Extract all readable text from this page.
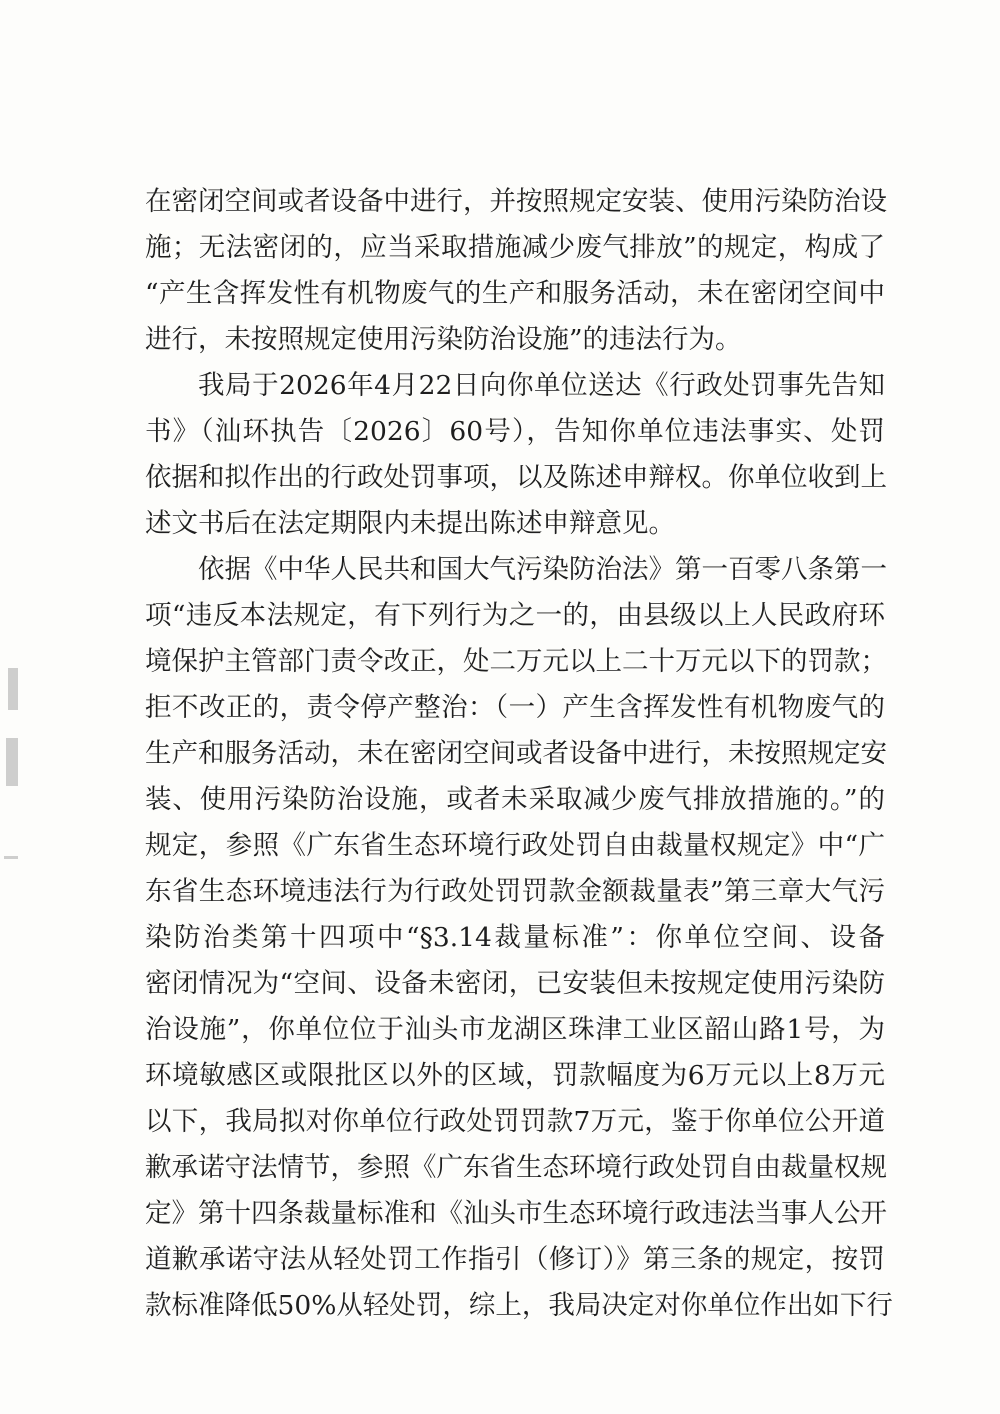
在密闭空间或者设备中进行，并按照规定安装、使用污染防治设
施；无法密闭的，应当采取措施减少废气排放”的规定，构成了
“产生含挥发性有机物废气的生产和服务活动，未在密闭空间中
进行，未按照规定使用污染防治设施”的违法行为。
我局于2026年4月22日向你单位送达《行政处罚事先告知
书》（汕环执告〔2026〕60号），告知你单位违法事实、处罚
依据和拟作出的行政处罚事项，以及陈述申辩权。你单位收到上
述文书后在法定期限内未提出陈述申辩意见。
依据《中华人民共和国大气污染防治法》第一百零八条第一
项“违反本法规定，有下列行为之一的，由县级以上人民政府环
境保护主管部门责令改正，处二万元以上二十万元以下的罚款；
拒不改正的，责令停产整治：（一）产生含挥发性有机物废气的
生产和服务活动，未在密闭空间或者设备中进行，未按照规定安
装、使用污染防治设施，或者未采取减少废气排放措施的。”的
规定，参照《广东省生态环境行政处罚自由裁量权规定》中“广
东省生态环境违法行为行政处罚罚款金额裁量表”第三章大气污
染防治类第十四项中“§3.14裁量标准”：你单位空间、设备
密闭情况为“空间、设备未密闭，已安装但未按规定使用污染防
治设施”，你单位位于汕头市龙湖区珠津工业区韶山路1号，为
环境敏感区或限批区以外的区域，罚款幅度为6万元以上8万元
以下，我局拟对你单位行政处罚罚款7万元，鉴于你单位公开道
歉承诺守法情节，参照《广东省生态环境行政处罚自由裁量权规
定》第十四条裁量标准和《汕头市生态环境行政违法当事人公开
道歉承诺守法从轻处罚工作指引（修订）》第三条的规定，按罚
款标准降低50%从轻处罚，综上，我局决定对你单位作出如下行
